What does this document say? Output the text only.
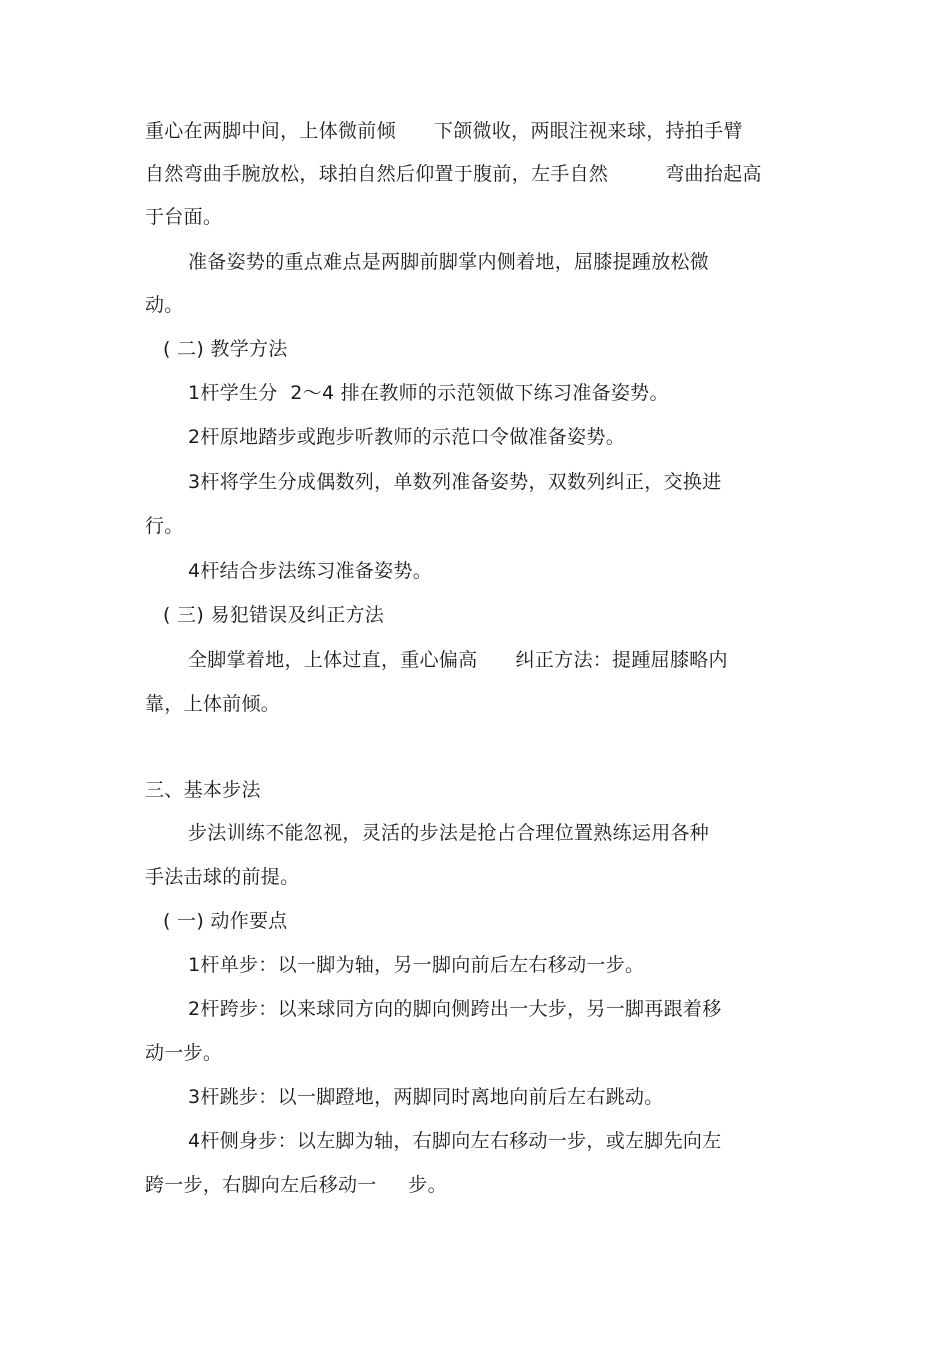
重心在两脚中间，上体微前倾      下颌微收，两眼注视来球，持拍手臂
自然弯曲手腕放松，球拍自然后仰置于腹前，左手自然         弯曲抬起高
于台面。
准备姿势的重点难点是两脚前脚掌内侧着地，屈膝提踵放松微
动。
( 二) 教学方法
1杆学生分  2～4 排在教师的示范领做下练习准备姿势。
2杆原地踏步或跑步听教师的示范口令做准备姿势。
3杆将学生分成偶数列，单数列准备姿势，双数列纠正，交换进
行。
4杆结合步法练习准备姿势。
( 三) 易犯错误及纠正方法
全脚掌着地，上体过直，重心偏高      纠正方法：提踵屈膝略内
靠，上体前倾。
三、基本步法
步法训练不能忽视，灵活的步法是抢占合理位置熟练运用各种
手法击球的前提。
( 一) 动作要点
1杆单步：以一脚为轴，另一脚向前后左右移动一步。
2杆跨步：以来球同方向的脚向侧跨出一大步，另一脚再跟着移
动一步。
3杆跳步：以一脚蹬地，两脚同时离地向前后左右跳动。
4杆侧身步：以左脚为轴，右脚向左右移动一步，或左脚先向左
跨一步，右脚向左后移动一     步。
